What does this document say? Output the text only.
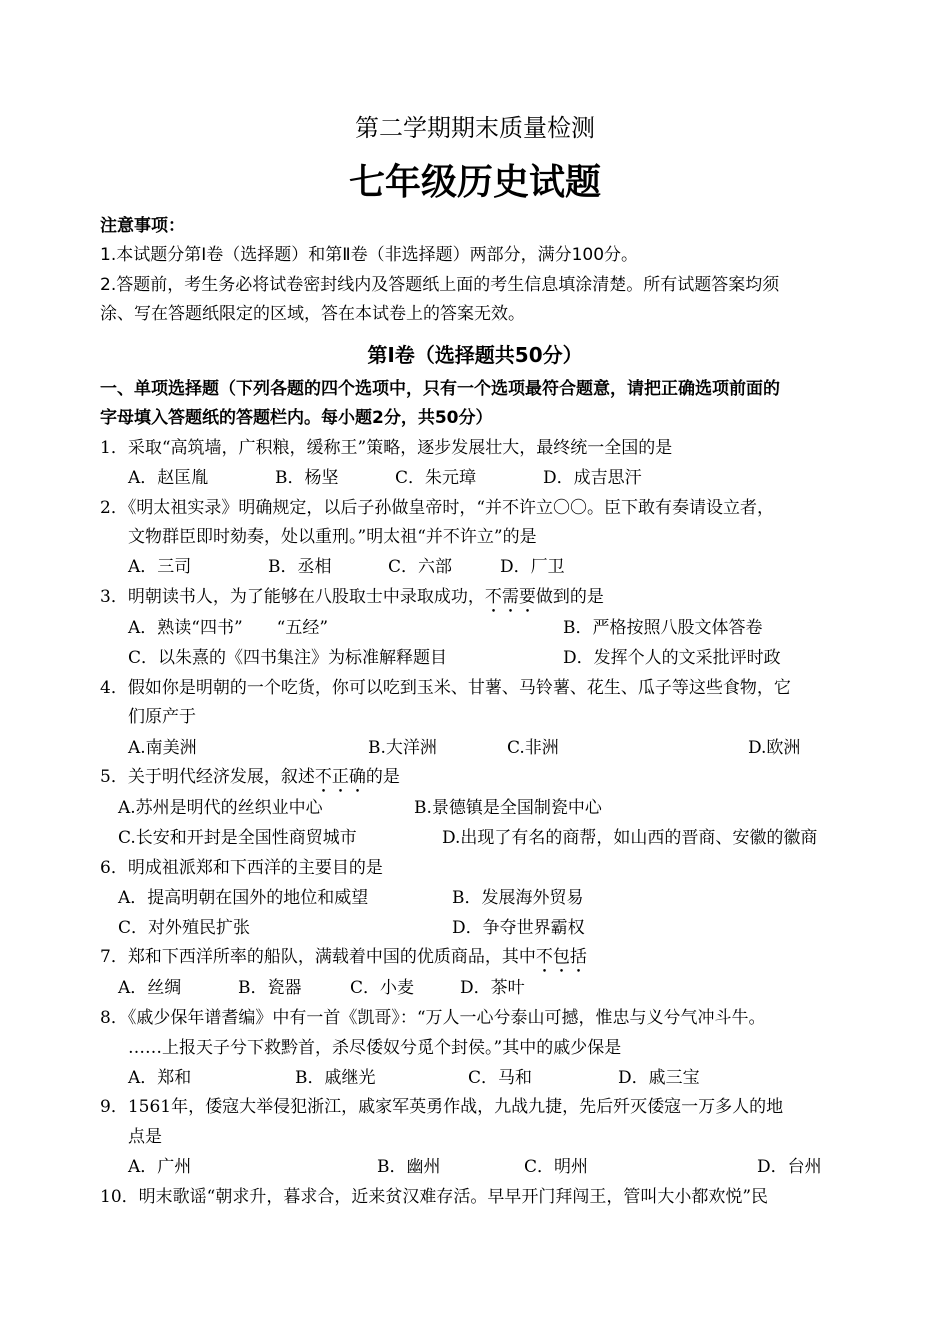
第二学期期末质量检测
七年级历史试题
注意事项：
1.本试题分第Ⅰ卷（选择题）和第Ⅱ卷（非选择题）两部分，满分100分。
2.答题前，考生务必将试卷密封线内及答题纸上面的考生信息填涂清楚。所有试题答案均须
涂、写在答题纸限定的区域，答在本试卷上的答案无效。
第Ⅰ卷（选择题共50分）
一、单项选择题（下列各题的四个选项中，只有一个选项最符合题意，请把正确选项前面的
字母填入答题纸的答题栏内。每小题2分，共50分）
1．采取“高筑墙，广积粮，缓称王”策略，逐步发展壮大，最终统一全国的是
A．赵匡胤	B．杨坚	C．朱元璋	D．成吉思汗
2．《明太祖实录》明确规定，以后子孙做皇帝时，“并不许立〇〇。臣下敢有奏请设立者，
文物群臣即时劾奏，处以重刑。”明太祖“并不许立”的是
A．三司	B．丞相	C．六部	D．厂卫
3．明朝读书人，为了能够在八股取士中录取成功，不需要做到的是
A．熟读“四书”　　“五经”	B．严格按照八股文体答卷
C．以朱熹的《四书集注》为标准解释题目	D．发挥个人的文采批评时政
4．假如你是明朝的一个吃货，你可以吃到玉米、甘薯、马铃薯、花生、瓜子等这些食物，它
们原产于
A.南美洲	B.大洋洲	C.非洲	D.欧洲
5．关于明代经济发展，叙述不正确的是
A.苏州是明代的丝织业中心	B.景德镇是全国制瓷中心
C.长安和开封是全国性商贸城市	D.出现了有名的商帮，如山西的晋商、安徽的徽商
6．明成祖派郑和下西洋的主要目的是
A．提高明朝在国外的地位和威望	B．发展海外贸易
C．对外殖民扩张	D．争夺世界霸权
7．郑和下西洋所率的船队，满载着中国的优质商品，其中不包括
A．丝绸	B．瓷器	C．小麦	D．茶叶
8．《戚少保年谱耆编》中有一首《凯哥》：“万人一心兮泰山可撼，惟忠与义兮气冲斗牛。
……上报天子兮下救黔首，杀尽倭奴兮觅个封侯。”其中的戚少保是
A．郑和	B．戚继光	C．马和	D．戚三宝
9．1561年，倭寇大举侵犯浙江，戚家军英勇作战，九战九捷，先后歼灭倭寇一万多人的地
点是
A．广州	B．幽州	C．明州	D．台州
10．明末歌谣“朝求升，暮求合，近来贫汉难存活。早早开门拜闯王，管叫大小都欢悦”民
